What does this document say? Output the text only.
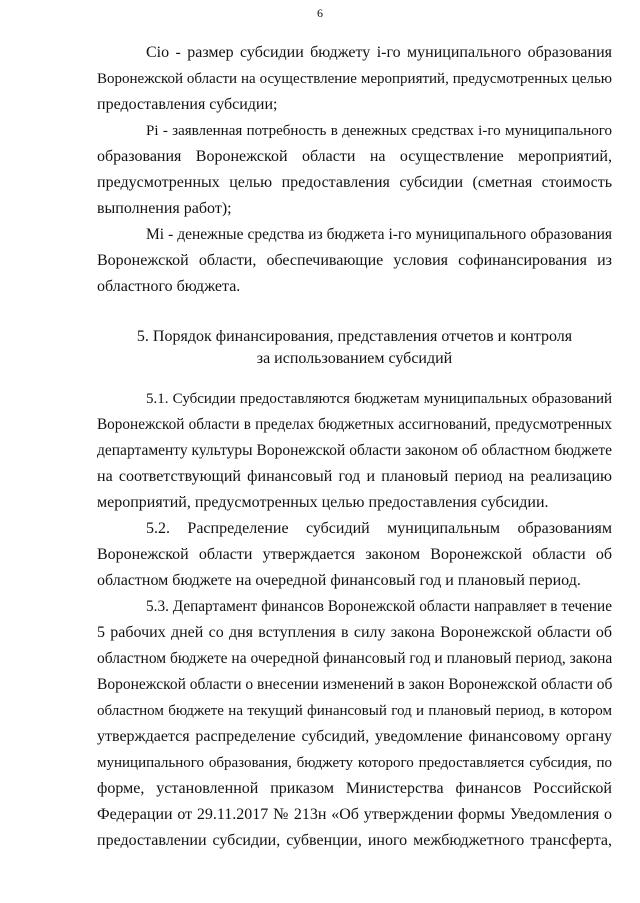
6
Ciо - размер субсидии бюджету i-го муниципального образования
Воронежской области на осуществление мероприятий, предусмотренных целью
предоставления субсидии;
Pi - заявленная потребность в денежных средствах i-го муниципального
образования Воронежской области на осуществление мероприятий,
предусмотренных целью предоставления субсидии (сметная стоимость
выполнения работ);
Mi - денежные средства из бюджета i-го муниципального образования
Воронежской области, обеспечивающие условия софинансирования из
областного бюджета.
5. Порядок финансирования, представления отчетов и контроля
за использованием субсидий
5.1. Субсидии предоставляются бюджетам муниципальных образований
Воронежской области в пределах бюджетных ассигнований, предусмотренных
департаменту культуры Воронежской области законом об областном бюджете
на соответствующий финансовый год и плановый период на реализацию
мероприятий, предусмотренных целью предоставления субсидии.
5.2. Распределение субсидий муниципальным образованиям
Воронежской области утверждается законом Воронежской области об
областном бюджете на очередной финансовый год и плановый период.
5.3. Департамент финансов Воронежской области направляет в течение
5 рабочих дней со дня вступления в силу закона Воронежской области об
областном бюджете на очередной финансовый год и плановый период, закона
Воронежской области о внесении изменений в закон Воронежской области об
областном бюджете на текущий финансовый год и плановый период, в котором
утверждается распределение субсидий, уведомление финансовому органу
муниципального образования, бюджету которого предоставляется субсидия, по
форме, установленной приказом Министерства финансов Российской
Федерации от 29.11.2017 № 213н «Об утверждении формы Уведомления о
предоставлении субсидии, субвенции, иного межбюджетного трансферта,
